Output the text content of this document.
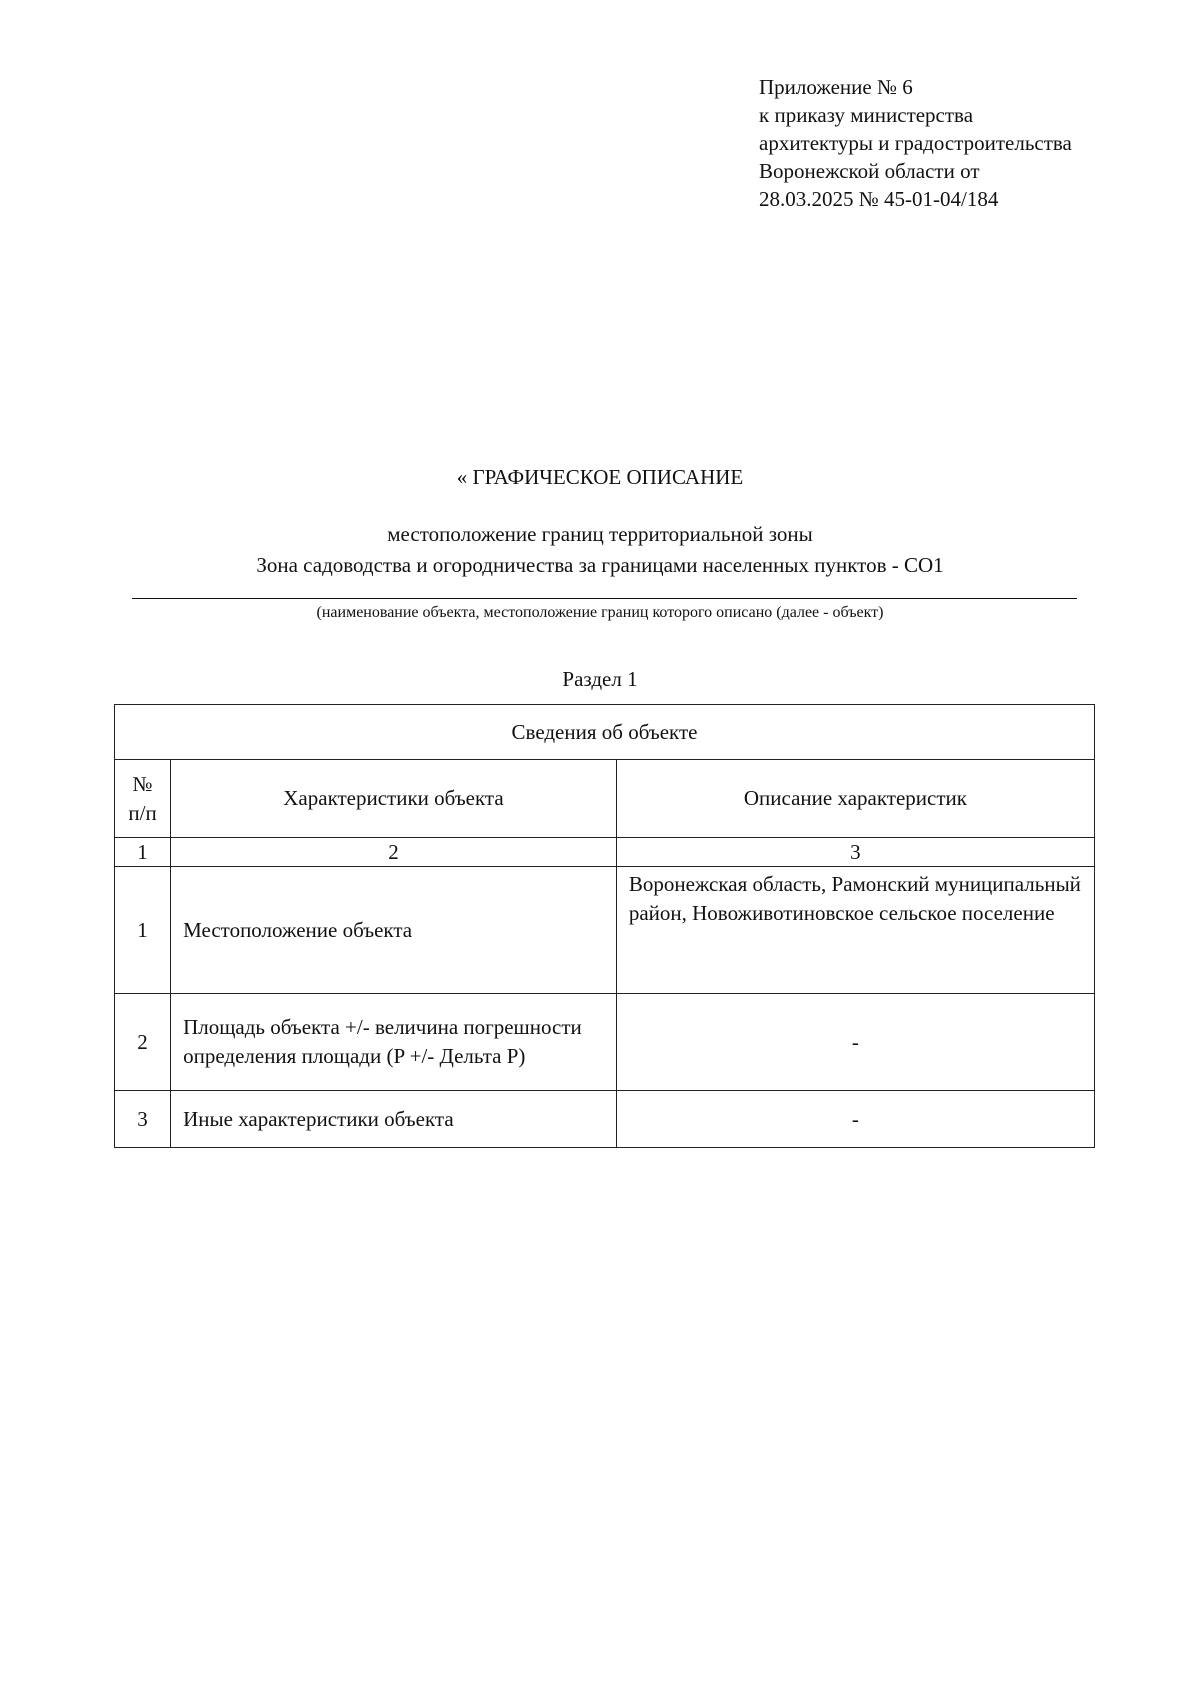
Приложение № 6
к приказу министерства
архитектуры и градостроительства
Воронежской области от
28.03.2025 № 45-01-04/184
« ГРАФИЧЕСКОЕ ОПИСАНИЕ
местоположение границ территориальной зоны
Зона садоводства и огородничества за границами населенных пунктов - СО1
(наименование объекта, местоположение границ которого описано (далее - объект)
Раздел 1
Сведения об объекте		
№ п/п	Характеристики объекта	Описание характеристик
1	2	3
1	Местоположение объекта	Воронежская область, Рамонский муниципальный район, Новоживотиновское сельское поселение
2	Площадь объекта +/- величина погрешности определения площади (P +/- Дельта P)	-
3	Иные характеристики объекта	-
